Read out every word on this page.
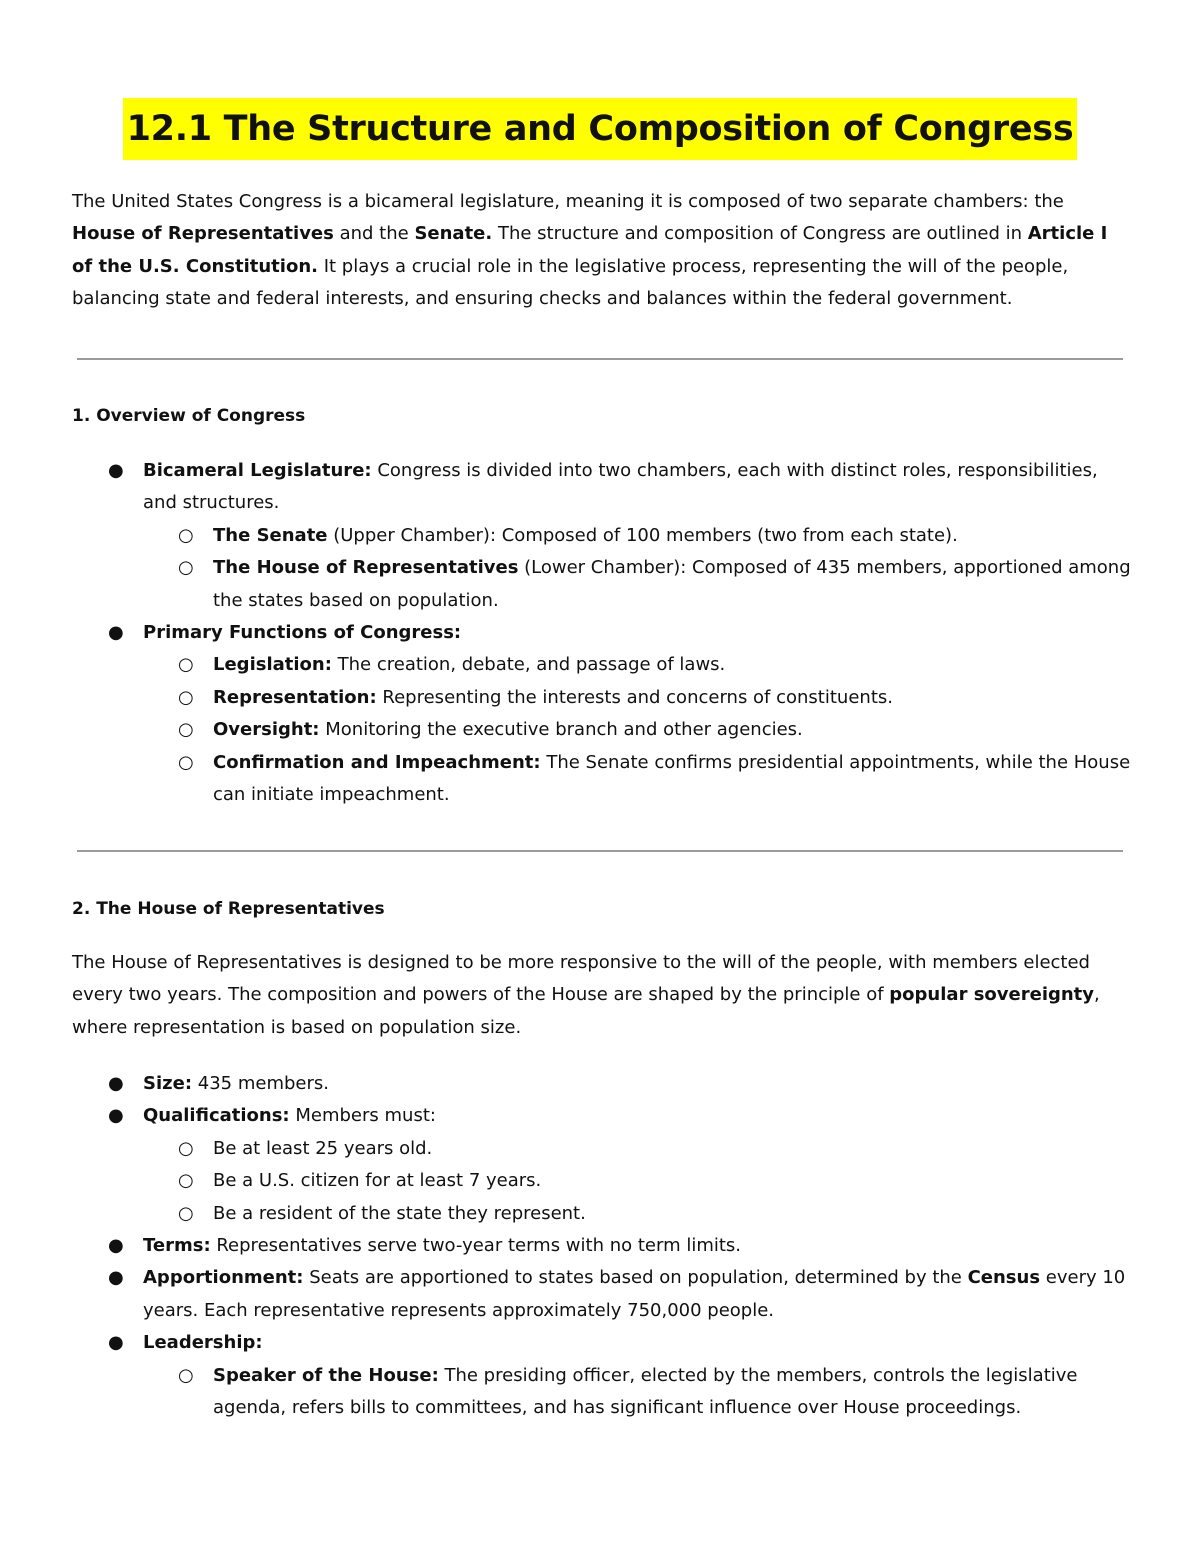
12.1 The Structure and Composition of Congress
The United States Congress is a bicameral legislature, meaning it is composed of two separate chambers: the House of Representatives and the Senate. The structure and composition of Congress are outlined in Article I of the U.S. Constitution. It plays a crucial role in the legislative process, representing the will of the people, balancing state and federal interests, and ensuring checks and balances within the federal government.
1. Overview of Congress
● Bicameral Legislature: Congress is divided into two chambers, each with distinct roles, responsibilities, and structures.
○ The Senate (Upper Chamber): Composed of 100 members (two from each state).
○ The House of Representatives (Lower Chamber): Composed of 435 members, apportioned among the states based on population.
● Primary Functions of Congress:
○ Legislation: The creation, debate, and passage of laws.
○ Representation: Representing the interests and concerns of constituents.
○ Oversight: Monitoring the executive branch and other agencies.
○ Confirmation and Impeachment: The Senate confirms presidential appointments, while the House can initiate impeachment.
2. The House of Representatives
The House of Representatives is designed to be more responsive to the will of the people, with members elected every two years. The composition and powers of the House are shaped by the principle of popular sovereignty, where representation is based on population size.
● Size: 435 members.
● Qualifications: Members must:
○ Be at least 25 years old.
○ Be a U.S. citizen for at least 7 years.
○ Be a resident of the state they represent.
● Terms: Representatives serve two-year terms with no term limits.
● Apportionment: Seats are apportioned to states based on population, determined by the Census every 10 years. Each representative represents approximately 750,000 people.
● Leadership:
○ Speaker of the House: The presiding officer, elected by the members, controls the legislative agenda, refers bills to committees, and has significant influence over House proceedings.
